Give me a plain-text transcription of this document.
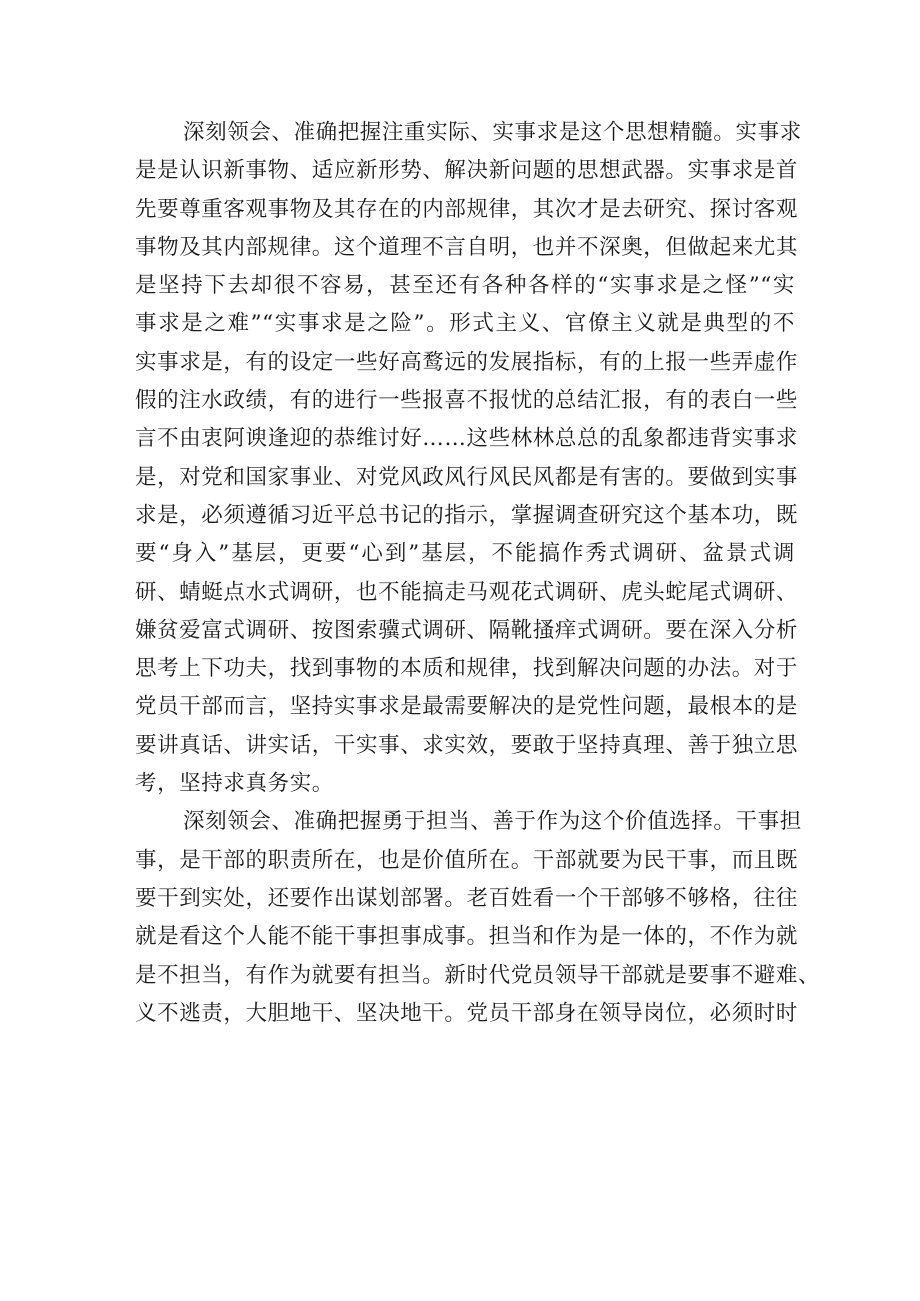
深刻领会、准确把握注重实际、实事求是这个思想精髓。实事求
是是认识新事物、适应新形势、解决新问题的思想武器。实事求是首
先要尊重客观事物及其存在的内部规律，其次才是去研究、探讨客观
事物及其内部规律。这个道理不言自明，也并不深奥，但做起来尤其
是坚持下去却很不容易，甚至还有各种各样的“实事求是之怪”“实
事求是之难”“实事求是之险”。形式主义、官僚主义就是典型的不
实事求是，有的设定一些好高鹜远的发展指标，有的上报一些弄虚作
假的注水政绩，有的进行一些报喜不报忧的总结汇报，有的表白一些
言不由衷阿谀逢迎的恭维讨好……这些林林总总的乱象都违背实事求
是，对党和国家事业、对党风政风行风民风都是有害的。要做到实事
求是，必须遵循习近平总书记的指示，掌握调查研究这个基本功，既
要“身入”基层，更要“心到”基层，不能搞作秀式调研、盆景式调
研、蜻蜓点水式调研，也不能搞走马观花式调研、虎头蛇尾式调研、
嫌贫爱富式调研、按图索骥式调研、隔靴搔痒式调研。要在深入分析
思考上下功夫，找到事物的本质和规律，找到解决问题的办法。对于
党员干部而言，坚持实事求是最需要解决的是党性问题，最根本的是
要讲真话、讲实话，干实事、求实效，要敢于坚持真理、善于独立思
考，坚持求真务实。
深刻领会、准确把握勇于担当、善于作为这个价值选择。干事担
事，是干部的职责所在，也是价值所在。干部就要为民干事，而且既
要干到实处，还要作出谋划部署。老百姓看一个干部够不够格，往往
就是看这个人能不能干事担事成事。担当和作为是一体的，不作为就
是不担当，有作为就要有担当。新时代党员领导干部就是要事不避难、
义不逃责，大胆地干、坚决地干。党员干部身在领导岗位，必须时时
